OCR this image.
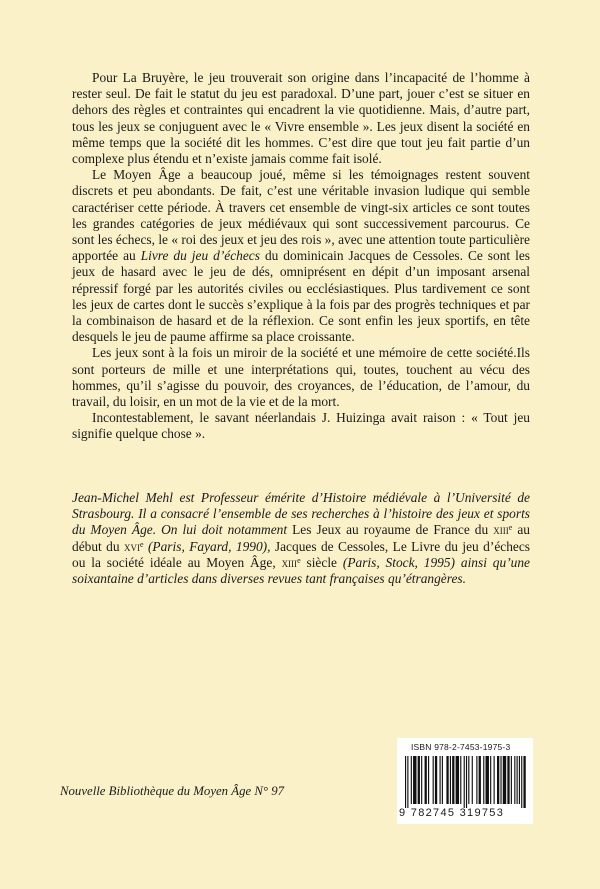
Pour La Bruyère, le jeu trouverait son origine dans l’incapacité de l’homme à rester seul. De fait le statut du jeu est paradoxal. D’une part, jouer c’est se situer en dehors des règles et contraintes qui encadrent la vie quotidienne. Mais, d’autre part, tous les jeux se conjuguent avec le « Vivre ensemble ». Les jeux disent la société en même temps que la société dit les hommes. C’est dire que tout jeu fait partie d’un complexe plus étendu et n’existe jamais comme fait isolé.

Le Moyen Âge a beaucoup joué, même si les témoignages restent souvent discrets et peu abondants. De fait, c’est une véritable invasion ludique qui semble caractériser cette période. À travers cet ensemble de vingt-six articles ce sont toutes les grandes catégories de jeux médiévaux qui sont successivement parcourus. Ce sont les échecs, le « roi des jeux et jeu des rois », avec une attention toute particulière apportée au Livre du jeu d’échecs du dominicain Jacques de Cessoles. Ce sont les jeux de hasard avec le jeu de dés, omniprésent en dépit d’un imposant arsenal répressif forgé par les autorités civiles ou ecclésiastiques. Plus tardivement ce sont les jeux de cartes dont le succès s’explique à la fois par des progrès techniques et par la combinaison de hasard et de la réflexion. Ce sont enfin les jeux sportifs, en tête desquels le jeu de paume affirme sa place croissante.

Les jeux sont à la fois un miroir de la société et une mémoire de cette société.Ils sont porteurs de mille et une interprétations qui, toutes, touchent au vécu des hommes, qu’il s’agisse du pouvoir, des croyances, de l’éducation, de l’amour, du travail, du loisir, en un mot de la vie et de la mort.

Incontestablement, le savant néerlandais J. Huizinga avait raison : « Tout jeu signifie quelque chose ».

Jean-Michel Mehl est Professeur émérite d’Histoire médiévale à l’Université de Strasbourg. Il a consacré l’ensemble de ses recherches à l’histoire des jeux et sports du Moyen Âge. On lui doit notamment Les Jeux au royaume de France du xiii$^e$ au début du xvi$^e$ (Paris, Fayard, 1990), Jacques de Cessoles, Le Livre du jeu d’échecs ou la société idéale au Moyen Âge, xiii$^e$ siècle (Paris, Stock, 1995) ainsi qu’une soixantaine d’articles dans diverses revues tant françaises qu’étrangères.
Nouvelle Bibliothèque du Moyen Âge N° 97
ISBN 978-2-7453-1975-3
9 782745 319753
